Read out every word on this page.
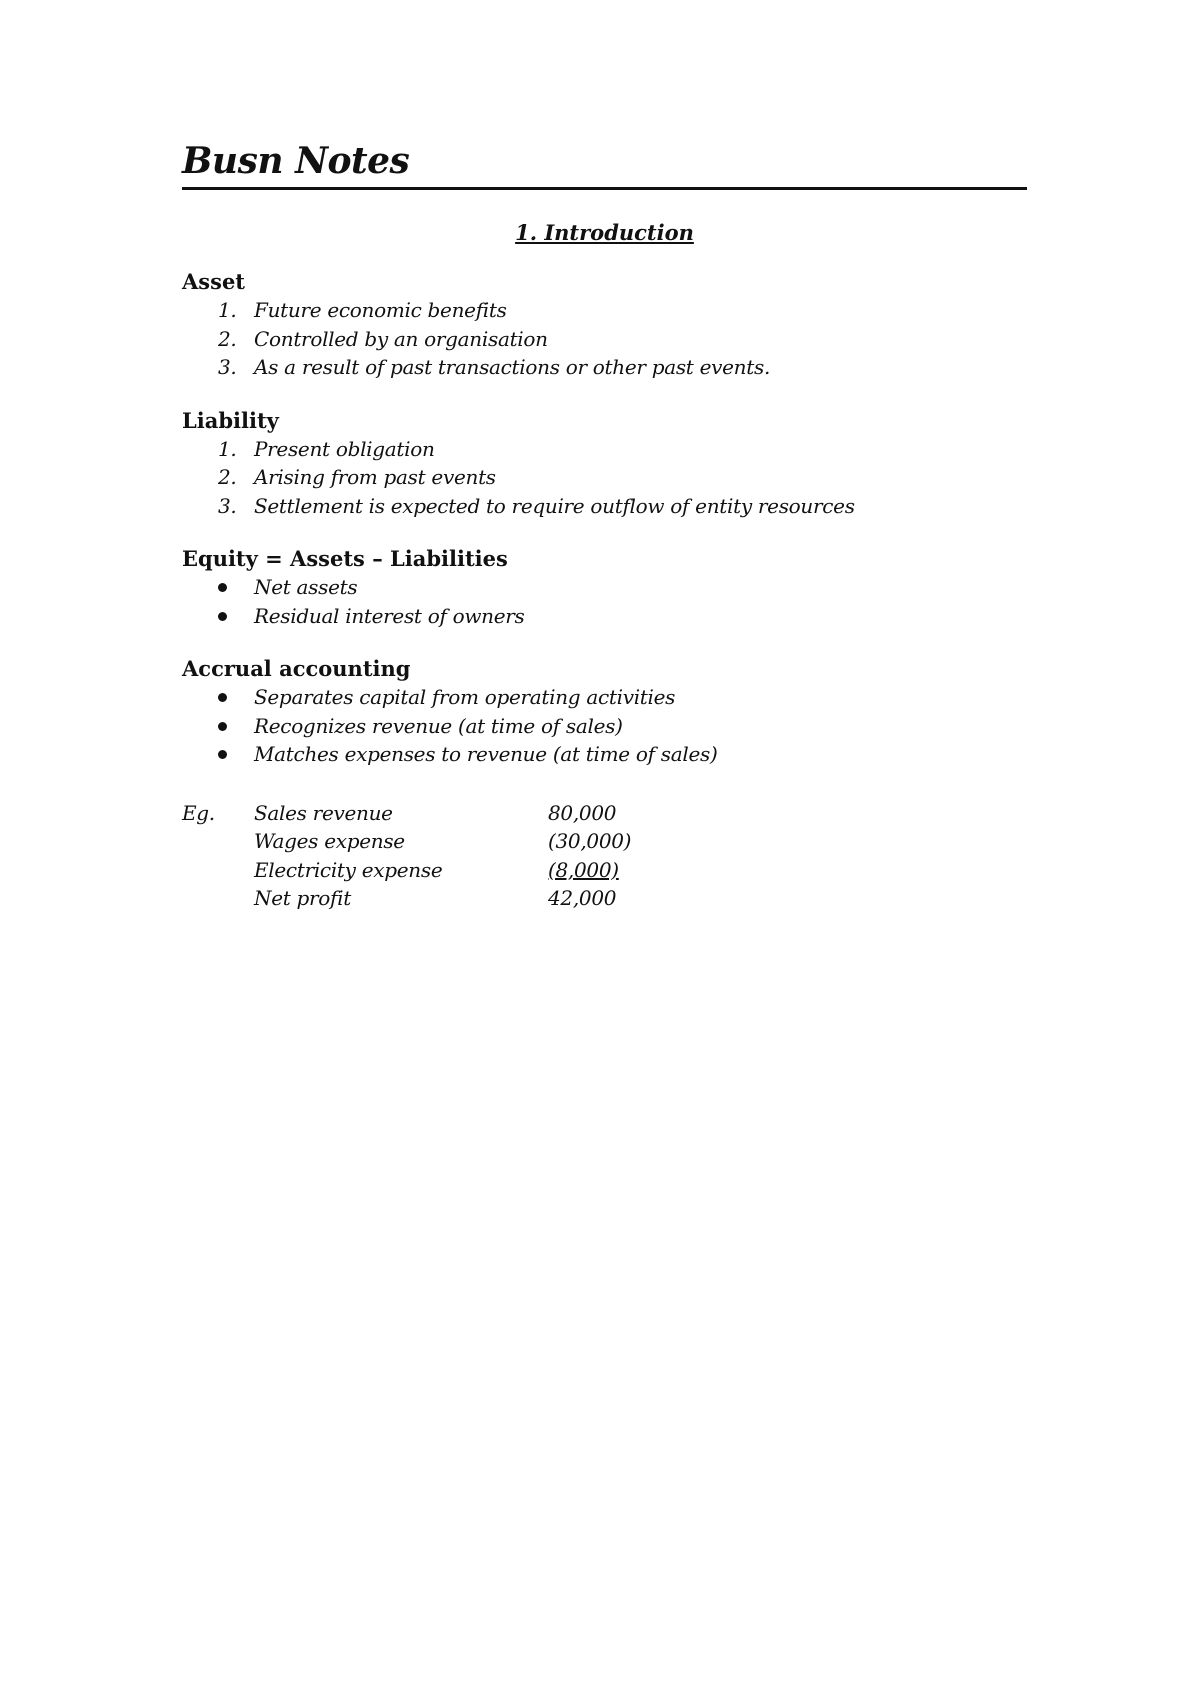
Busn Notes
1. Introduction
Asset
1. Future economic benefits
2. Controlled by an organisation
3. As a result of past transactions or other past events.
Liability
1. Present obligation
2. Arising from past events
3. Settlement is expected to require outflow of entity resources
Equity = Assets – Liabilities
Net assets
Residual interest of owners
Accrual accounting
Separates capital from operating activities
Recognizes revenue (at time of sales)
Matches expenses to revenue (at time of sales)
Eg. Sales revenue	80,000
Wages expense	(30,000)
Electricity expense	(8,000)
Net profit	42,000
